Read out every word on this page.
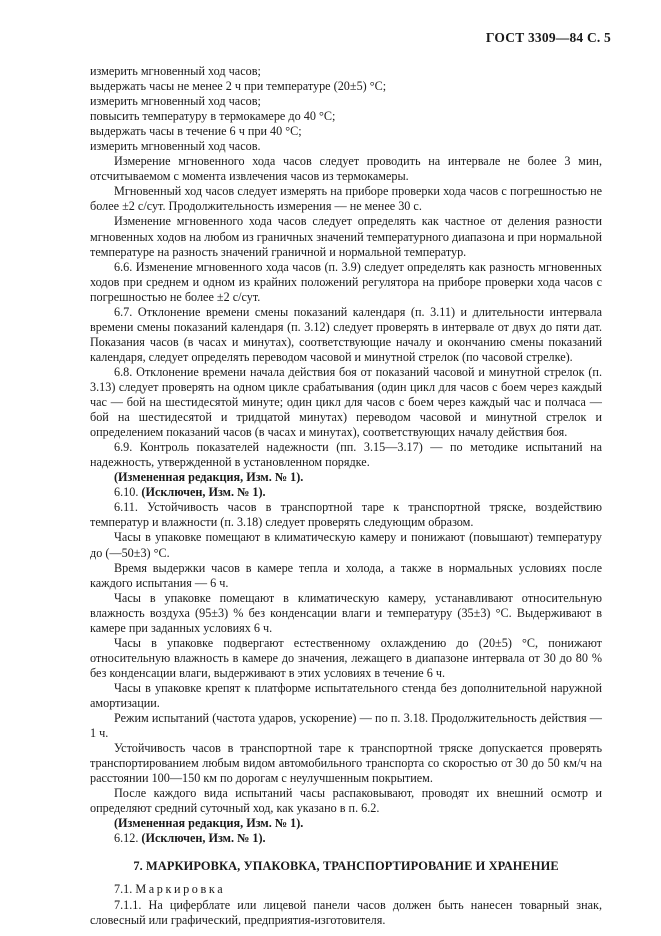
ГОСТ 3309—84 С. 5

измерить мгновенный ход часов;

выдержать часы не менее 2 ч при температуре (20±5) °С;

измерить мгновенный ход часов;

повысить температуру в термокамере до 40 °С;

выдержать часы в течение 6 ч при 40 °С;

измерить мгновенный ход часов.

Измерение мгновенного хода часов следует проводить на интервале не более 3 мин, отсчитываемом с момента извлечения часов из термокамеры.

Мгновенный ход часов следует измерять на приборе проверки хода часов с погрешностью не более ±2 с/сут. Продолжительность измерения — не менее 30 с.

Изменение мгновенного хода часов следует определять как частное от деления разности мгновенных ходов на любом из граничных значений температурного диапазона и при нормальной температуре на разность значений граничной и нормальной температур.

6.6. Изменение мгновенного хода часов (п. 3.9) следует определять как разность мгновенных ходов при среднем и одном из крайних положений регулятора на приборе проверки хода часов с погрешностью не более ±2 с/сут.

6.7. Отклонение времени смены показаний календаря (п. 3.11) и длительности интервала времени смены показаний календаря (п. 3.12) следует проверять в интервале от двух до пяти дат. Показания часов (в часах и минутах), соответствующие началу и окончанию смены показаний календаря, следует определять переводом часовой и минутной стрелок (по часовой стрелке).

6.8. Отклонение времени начала действия боя от показаний часовой и минутной стрелок (п. 3.13) следует проверять на одном цикле срабатывания (один цикл для часов с боем через каждый час — бой на шестидесятой минуте; один цикл для часов с боем через каждый час и полчаса — бой на шестидесятой и тридцатой минутах) переводом часовой и минутной стрелок и определением показаний часов (в часах и минутах), соответствующих началу действия боя.

6.9. Контроль показателей надежности (пп. 3.15—3.17) — по методике испытаний на надежность, утвержденной в установленном порядке.

(Измененная редакция, Изм. № 1).

6.10. (Исключен, Изм. № 1).

6.11. Устойчивость часов в транспортной таре к транспортной тряске, воздействию температур и влажности (п. 3.18) следует проверять следующим образом.

Часы в упаковке помещают в климатическую камеру и понижают (повышают) температуру до (—50±3) °С.

Время выдержки часов в камере тепла и холода, а также в нормальных условиях после каждого испытания — 6 ч.

Часы в упаковке помещают в климатическую камеру, устанавливают относительную влажность воздуха (95±3) % без конденсации влаги и температуру (35±3) °С. Выдерживают в камере при заданных условиях 6 ч.

Часы в упаковке подвергают естественному охлаждению до (20±5) °С, понижают относительную влажность в камере до значения, лежащего в диапазоне интервала от 30 до 80 % без конденсации влаги, выдерживают в этих условиях в течение 6 ч.

Часы в упаковке крепят к платформе испытательного стенда без дополнительной наружной амортизации.

Режим испытаний (частота ударов, ускорение) — по п. 3.18. Продолжительность действия — 1 ч.

Устойчивость часов в транспортной таре к транспортной тряске допускается проверять транспортированием любым видом автомобильного транспорта со скоростью от 30 до 50 км/ч на расстоянии 100—150 км по дорогам с неулучшенным покрытием.

После каждого вида испытаний часы распаковывают, проводят их внешний осмотр и определяют средний суточный ход, как указано в п. 6.2.

(Измененная редакция, Изм. № 1).

6.12. (Исключен, Изм. № 1).

7. МАРКИРОВКА, УПАКОВКА, ТРАНСПОРТИРОВАНИЕ И ХРАНЕНИЕ

7.1. Маркировка

7.1.1. На циферблате или лицевой панели часов должен быть нанесен товарный знак, словесный или графический, предприятия-изготовителя.
